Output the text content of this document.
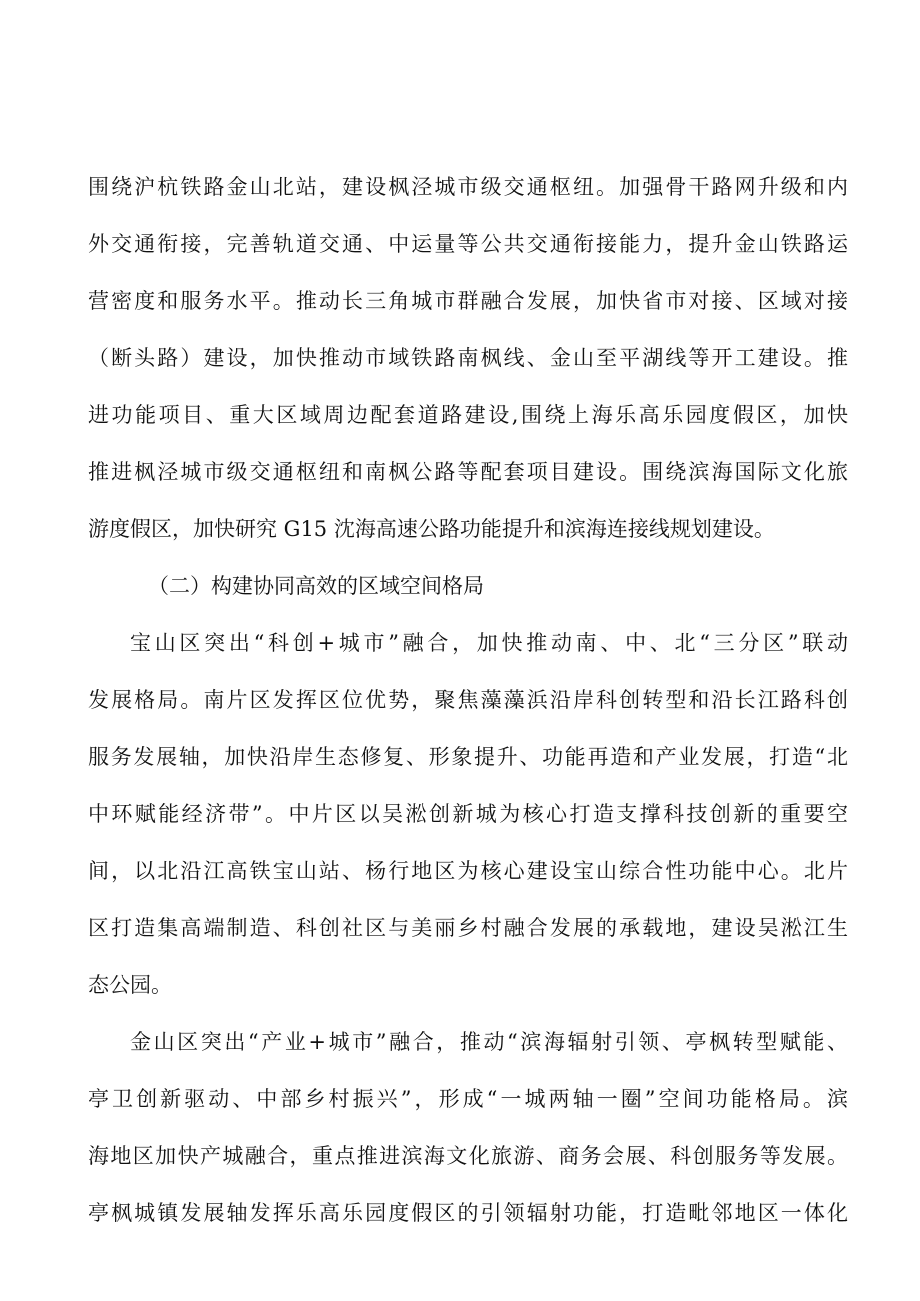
围绕沪杭铁路金山北站，建设枫泾城市级交通枢纽。加强骨干路网升级和内
外交通衔接，完善轨道交通、中运量等公共交通衔接能力，提升金山铁路运
营密度和服务水平。推动长三角城市群融合发展，加快省市对接、区域对接
（断头路）建设，加快推动市域铁路南枫线、金山至平湖线等开工建设。推
进功能项目、重大区域周边配套道路建设,围绕上海乐高乐园度假区，加快
推进枫泾城市级交通枢纽和南枫公路等配套项目建设。围绕滨海国际文化旅
游度假区，加快研究 G15 沈海高速公路功能提升和滨海连接线规划建设。
（二）构建协同高效的区域空间格局
宝山区突出“科创+城市”融合，加快推动南、中、北“三分区”联动
发展格局。南片区发挥区位优势，聚焦藻藻浜沿岸科创转型和沿长江路科创
服务发展轴，加快沿岸生态修复、形象提升、功能再造和产业发展，打造“北
中环赋能经济带”。中片区以吴淞创新城为核心打造支撑科技创新的重要空
间，以北沿江高铁宝山站、杨行地区为核心建设宝山综合性功能中心。北片
区打造集高端制造、科创社区与美丽乡村融合发展的承载地，建设吴淞江生
态公园。
金山区突出“产业+城市”融合，推动“滨海辐射引领、亭枫转型赋能、
亭卫创新驱动、中部乡村振兴”，形成“一城两轴一圈”空间功能格局。滨
海地区加快产城融合，重点推进滨海文化旅游、商务会展、科创服务等发展。
亭枫城镇发展轴发挥乐高乐园度假区的引领辐射功能，打造毗邻地区一体化
